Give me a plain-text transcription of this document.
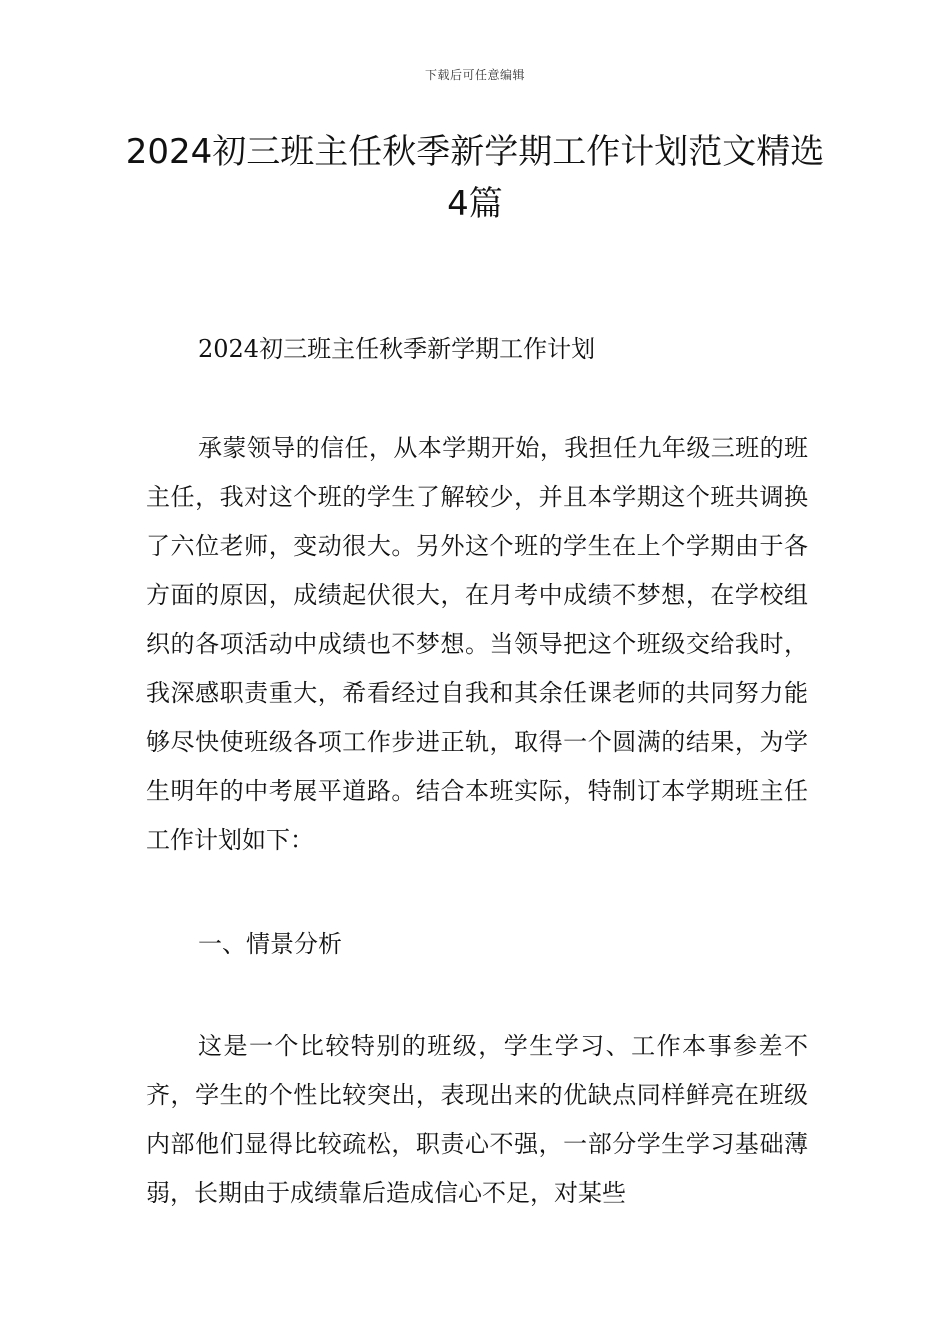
下载后可任意编辑
2024初三班主任秋季新学期工作计划范文精选4篇

2024初三班主任秋季新学期工作计划

承蒙领导的信任，从本学期开始，我担任九年级三班的班主任，我对这个班的学生了解较少，并且本学期这个班共调换了六位老师，变动很大。另外这个班的学生在上个学期由于各方面的原因，成绩起伏很大，在月考中成绩不梦想，在学校组织的各项活动中成绩也不梦想。当领导把这个班级交给我时，我深感职责重大，希看经过自我和其余任课老师的共同努力能够尽快使班级各项工作步进正轨，取得一个圆满的结果，为学生明年的中考展平道路。结合本班实际，特制订本学期班主任工作计划如下：

一、情景分析

这是一个比较特别的班级，学生学习、工作本事参差不齐，学生的个性比较突出，表现出来的优缺点同样鲜亮在班级内部他们显得比较疏松，职责心不强，一部分学生学习基础薄弱，长期由于成绩靠后造成信心不足，对某些
